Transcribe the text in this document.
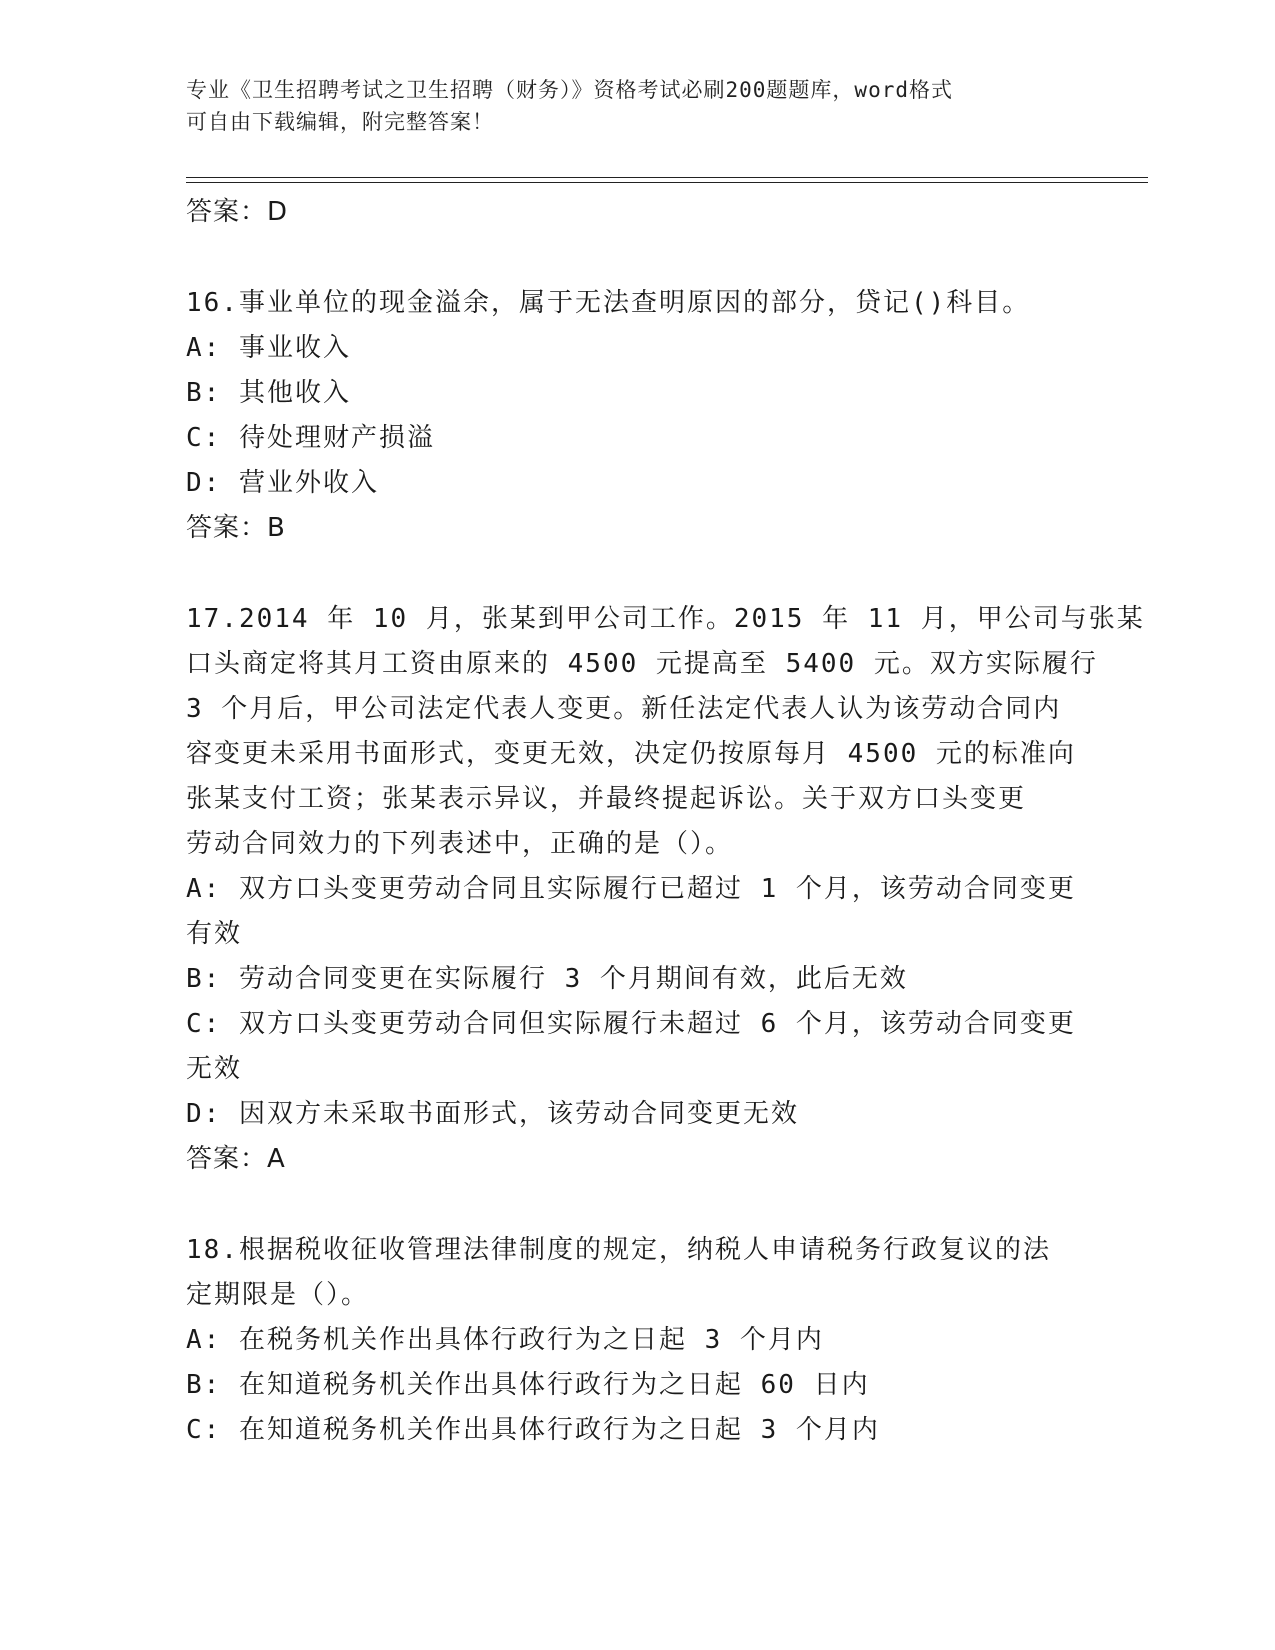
专业《卫生招聘考试之卫生招聘（财务）》资格考试必刷200题题库，word格式
可自由下载编辑，附完整答案！
答案：D
16.事业单位的现金溢余，属于无法查明原因的部分，贷记()科目。
A: 事业收入
B: 其他收入
C: 待处理财产损溢
D: 营业外收入
答案：B
17.2014 年 10 月，张某到甲公司工作。2015 年 11 月，甲公司与张某
口头商定将其月工资由原来的 4500 元提高至 5400 元。双方实际履行
3 个月后，甲公司法定代表人变更。新任法定代表人认为该劳动合同内
容变更未采用书面形式，变更无效，决定仍按原每月 4500 元的标准向
张某支付工资；张某表示异议，并最终提起诉讼。关于双方口头变更
劳动合同效力的下列表述中，正确的是（）。
A: 双方口头变更劳动合同且实际履行已超过 1 个月，该劳动合同变更
有效
B: 劳动合同变更在实际履行 3 个月期间有效，此后无效
C: 双方口头变更劳动合同但实际履行未超过 6 个月，该劳动合同变更
无效
D: 因双方未采取书面形式，该劳动合同变更无效
答案：A
18.根据税收征收管理法律制度的规定，纳税人申请税务行政复议的法
定期限是（）。
A: 在税务机关作出具体行政行为之日起 3 个月内
B: 在知道税务机关作出具体行政行为之日起 60 日内
C: 在知道税务机关作出具体行政行为之日起 3 个月内
